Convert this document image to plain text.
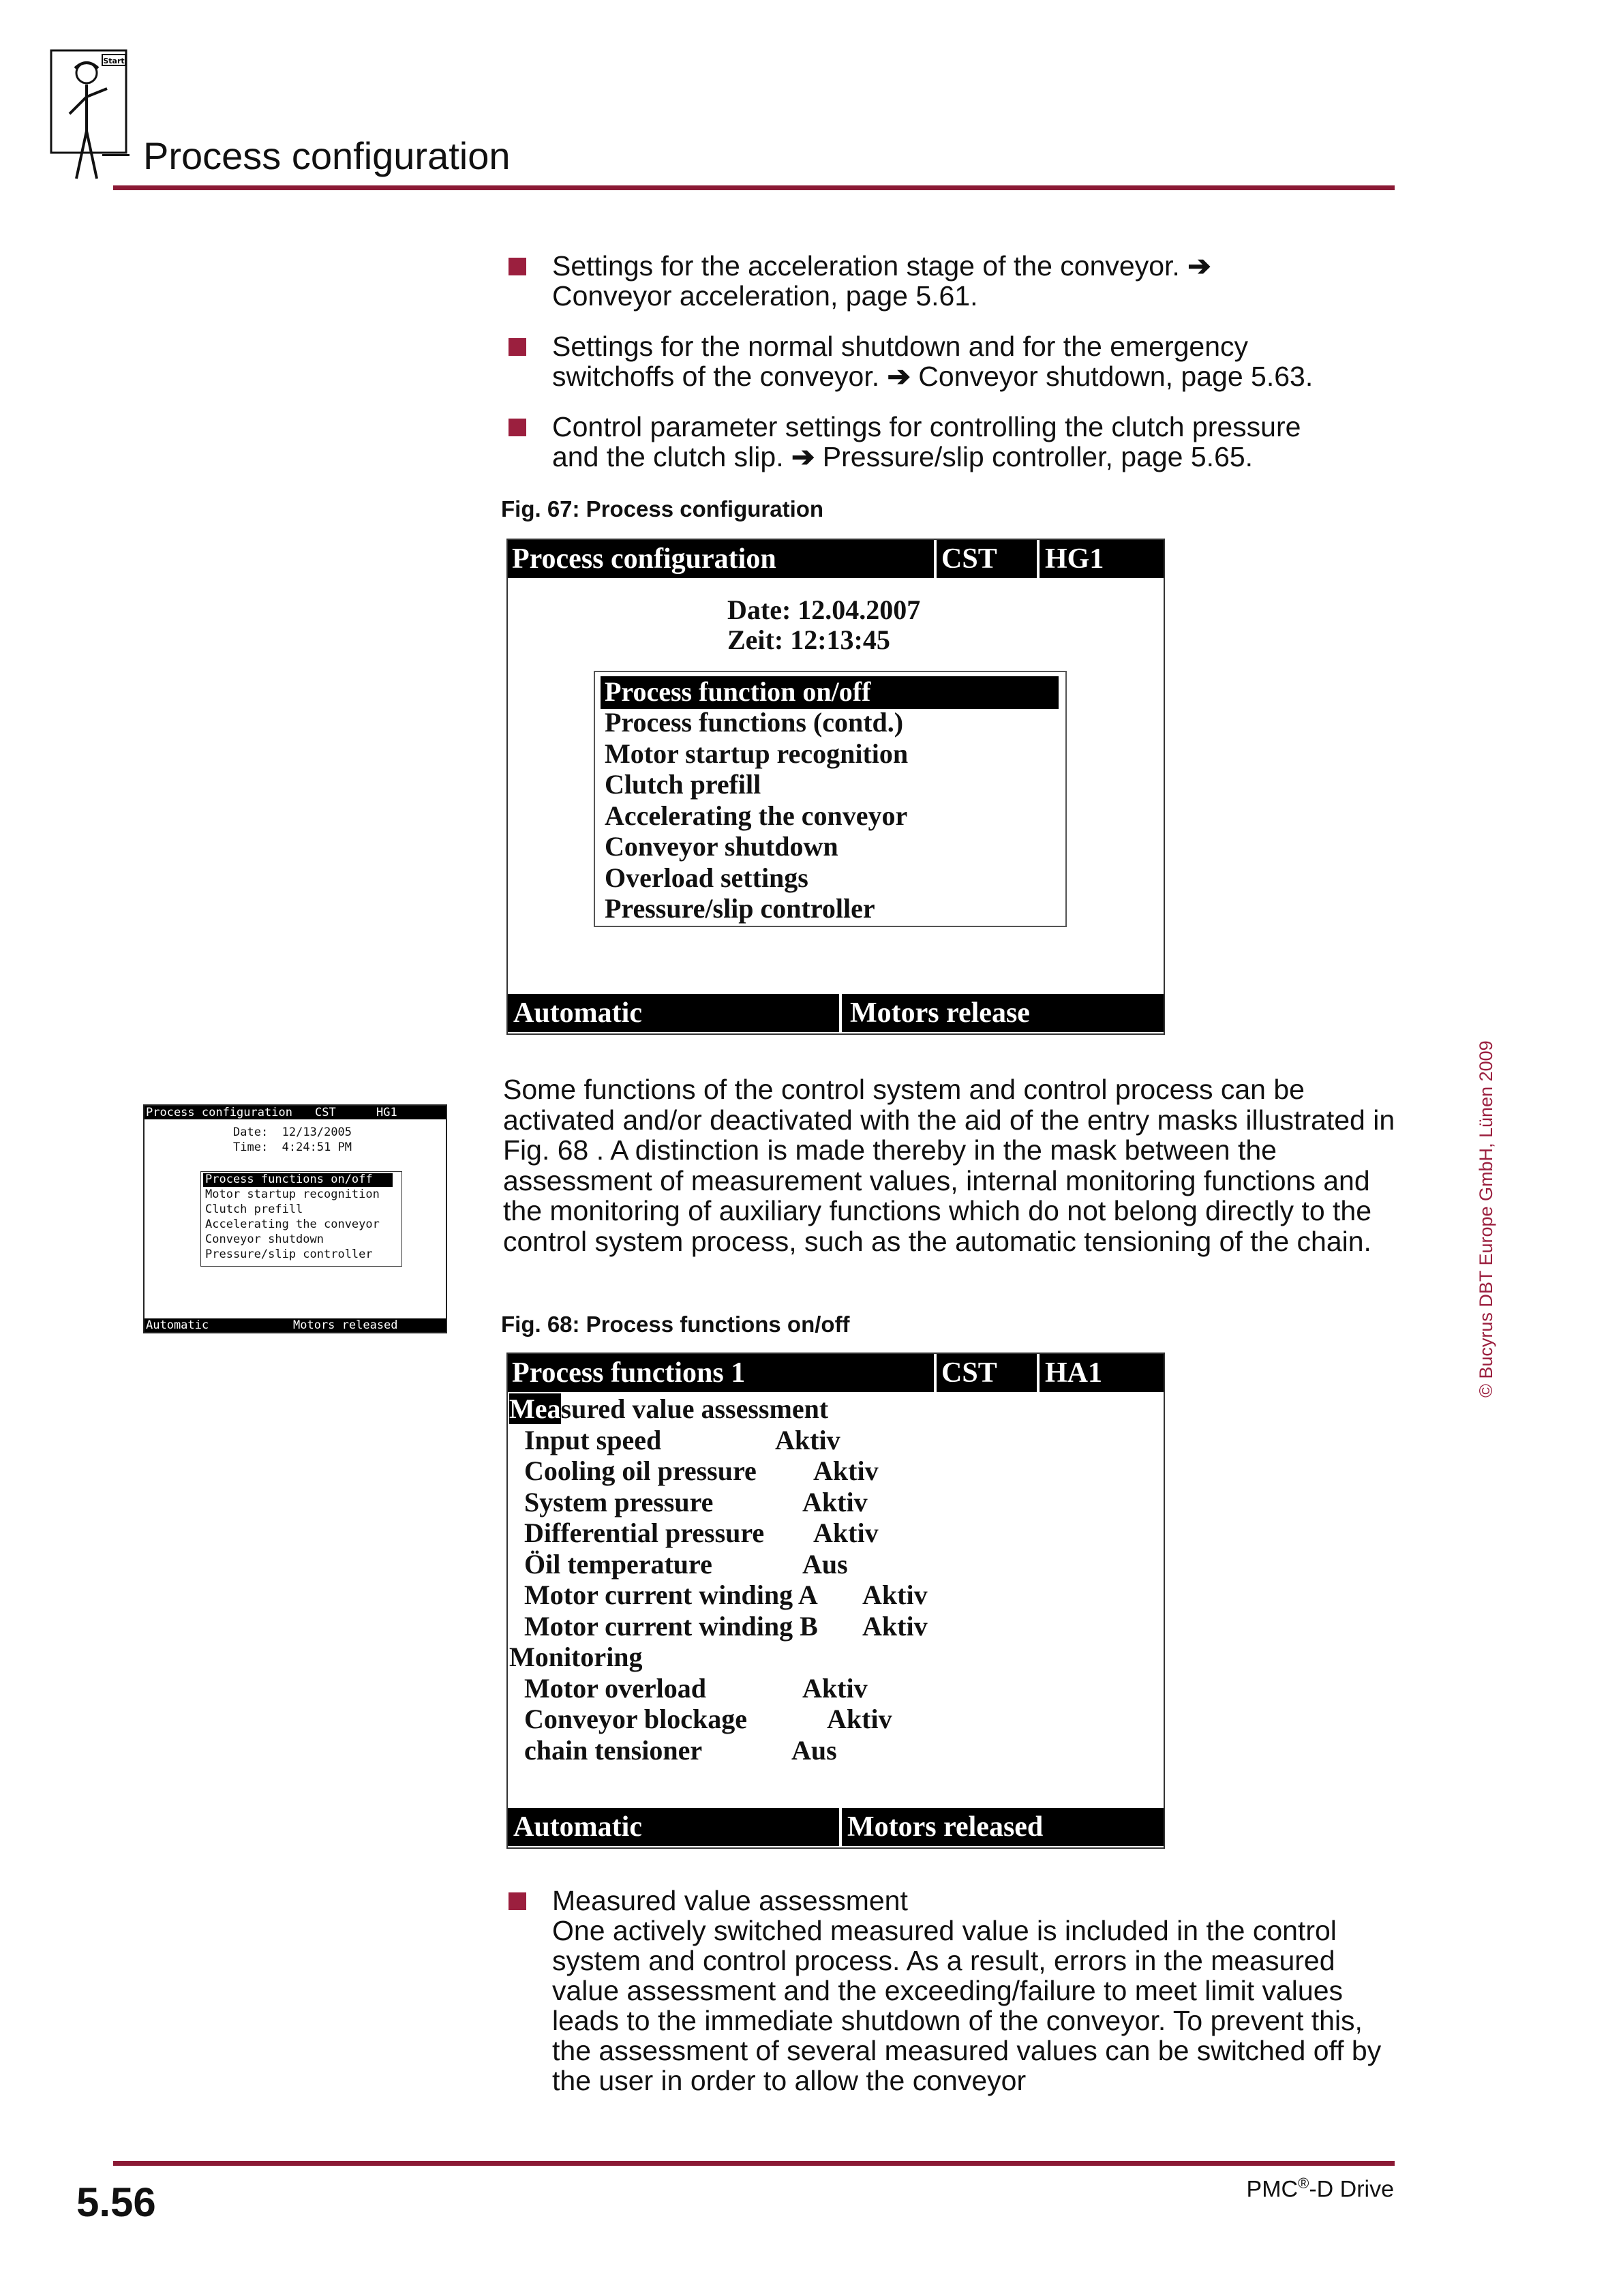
Start
Process configuration
Settings for the acceleration stage of the conveyor. ➔
Conveyor acceleration, page 5.61.
Settings for the normal shutdown and for the emergency
switchoffs of the conveyor. ➔ Conveyor shutdown, page 5.63.
Control parameter settings for controlling the clutch pressure
and the clutch slip. ➔ Pressure/slip controller, page 5.65.
Fig. 67: Process configuration
Process configuration	CST HG1
Date: 12.04.2007
Zeit: 12:13:45
Process function on/off
Process functions (contd.)
Motor startup recognition
Clutch prefill
Accelerating the conveyor
Conveyor shutdown
Overload settings
Pressure/slip controller
Automatic	Motors release
Process configuration CST	HG1
Date: 12/13/2005
Time: 4:24:51 PM
Process functions on/off
Motor startup recognition
Clutch prefill
Accelerating the conveyor
Conveyor shutdown
Pressure/slip controller
Automatic	Motors released
Some functions of the control system and control process can be activated and/or deactivated with the aid of the entry masks illustrated in Fig. 68 . A distinction is made thereby in the mask between the assessment of measurement values, internal monitoring functions and the monitoring of auxiliary functions which do not belong directly to the control system process, such as the automatic tensioning of the chain.
Fig. 68: Process functions on/off
Process functions 1	CST HA1
Measured value assessment
Input speed	Aktiv
Cooling oil pressure Aktiv
System pressure	Aktiv
Differential pressure Aktiv
Öil temperature	Aus
Motor current winding A Aktiv
Motor current winding B Aktiv
Monitoring
Motor overload	Aktiv
Conveyor blockage	Aktiv
chain tensioner	Aus
Automatic	Motors released
Measured value assessment
One actively switched measured value is included in the control system and control process. As a result, errors in the measured value assessment and the exceeding/failure to meet limit values leads to the immediate shutdown of the conveyor. To prevent this, the assessment of several measured values can be switched off by the user in order to allow the conveyor
© Bucyrus DBT Europe GmbH, Lünen 2009
5.56	PMC®-D Drive
